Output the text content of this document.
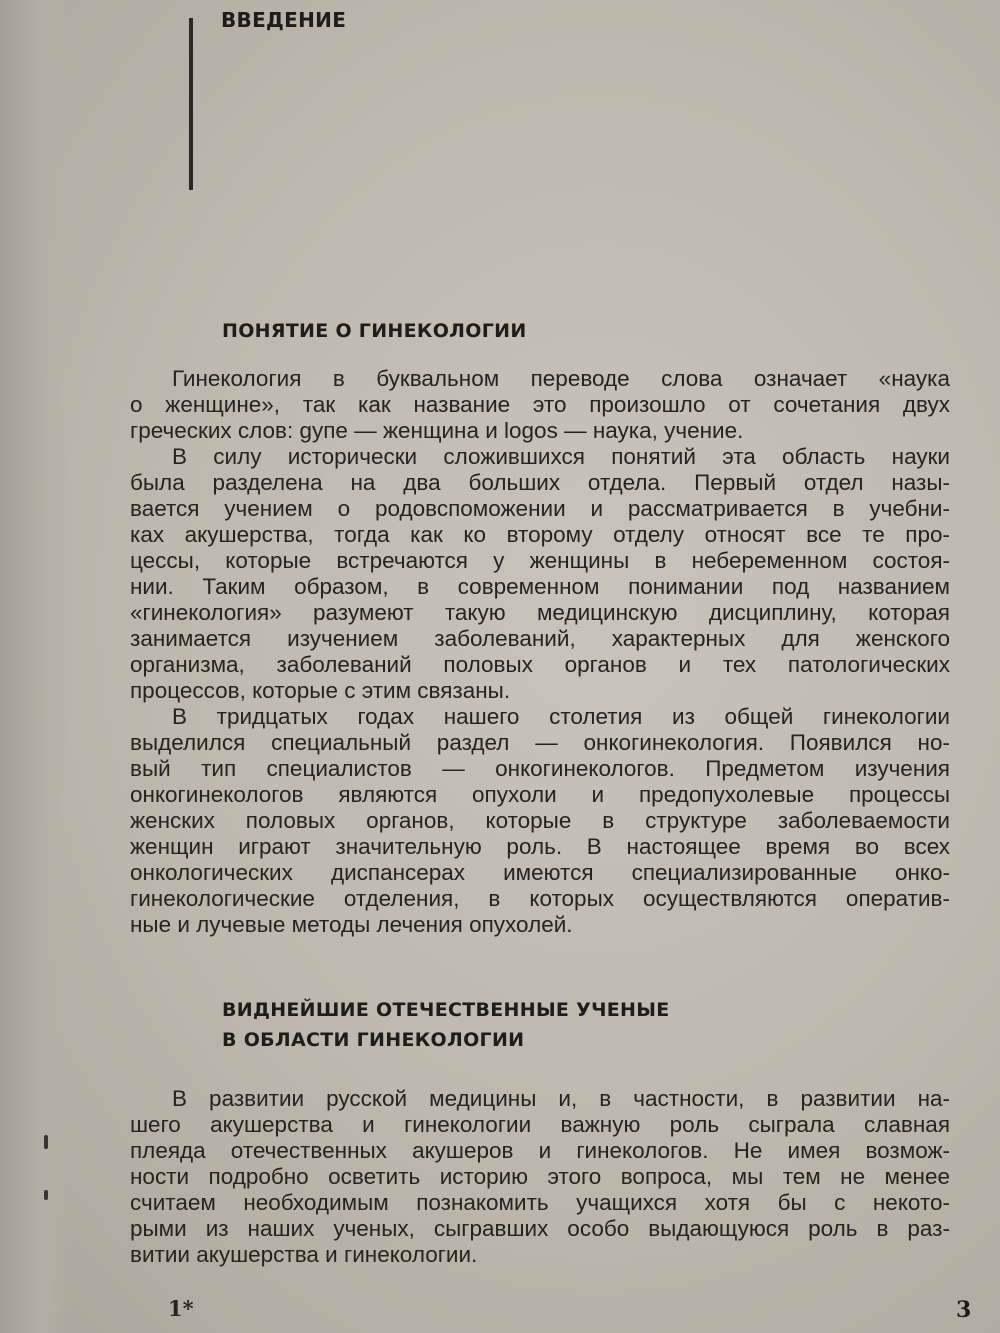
ВВЕДЕНИЕ
ПОНЯТИЕ О ГИНЕКОЛОГИИ
Гинекология в буквальном переводе слова означает «наука
о женщине», так как название это произошло от сочетания двух
греческих слов: gупе — женщина и logos — наука, учение.
В силу исторически сложившихся понятий эта область науки
была разделена на два больших отдела. Первый отдел назы-
вается учением о родовспоможении и рассматривается в учебни-
ках акушерства, тогда как ко второму отделу относят все те про-
цессы, которые встречаются у женщины в небеременном состоя-
нии. Таким образом, в современном понимании под названием
«гинекология» разумеют такую медицинскую дисциплину, которая
занимается изучением заболеваний, характерных для женского
организма, заболеваний половых органов и тех патологических
процессов, которые с этим связаны.
В тридцатых годах нашего столетия из общей гинекологии
выделился специальный раздел — онкогинекология. Появился но-
вый тип специалистов — онкогинекологов. Предметом изучения
онкогинекологов являются опухоли и предопухолевые процессы
женских половых органов, которые в структуре заболеваемости
женщин играют значительную роль. В настоящее время во всех
онкологических диспансерах имеются специализированные онко-
гинекологические отделения, в которых осуществляются оператив-
ные и лучевые методы лечения опухолей.
ВИДНЕЙШИЕ ОТЕЧЕСТВЕННЫЕ УЧЕНЫЕ
В ОБЛАСТИ ГИНЕКОЛОГИИ
В развитии русской медицины и, в частности, в развитии на-
шего акушерства и гинекологии важную роль сыграла славная
плеяда отечественных акушеров и гинекологов. Не имея возмож-
ности подробно осветить историю этого вопроса, мы тем не менее
считаем необходимым познакомить учащихся хотя бы с некото-
рыми из наших ученых, сыгравших особо выдающуюся роль в раз-
витии акушерства и гинекологии.
1*	3
